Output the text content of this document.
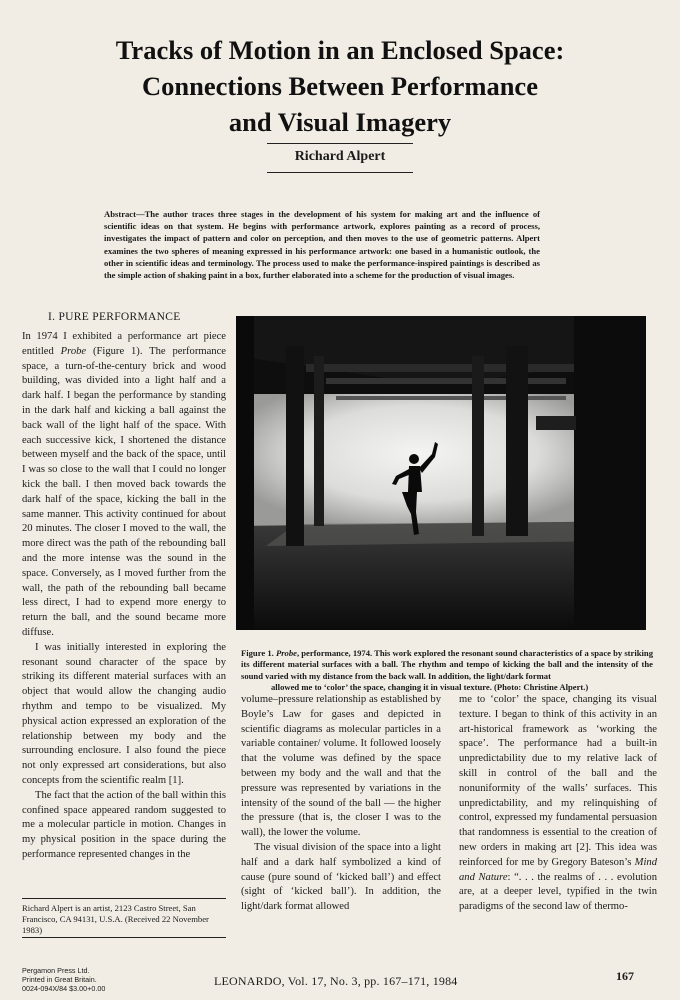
Tracks of Motion in an Enclosed Space:
Connections Between Performance
and Visual Imagery

Richard Alpert

Abstract—The author traces three stages in the development of his system for making art and the influence of scientific ideas on that system. He begins with performance artwork, explores painting as a record of process, investigates the impact of pattern and color on perception, and then moves to the use of geometric patterns. Alpert examines the two spheres of meaning expressed in his performance artwork: one based in a humanistic outlook, the other in scientific ideas and terminology. The process used to make the performance-inspired paintings is described as the simple action of shaking paint in a box, further elaborated into a scheme for the production of visual images.

I. PURE PERFORMANCE

In 1974 I exhibited a performance art piece entitled Probe (Figure 1). The performance space, a turn-of-the-century brick and wood building, was divided into a light half and a dark half. I began the performance by standing in the dark half and kicking a ball against the back wall of the light half of the space. With each successive kick, I shortened the distance between myself and the back of the space, until I was so close to the wall that I could no longer kick the ball. I then moved back towards the dark half of the space, kicking the ball in the same manner. This activity continued for about 20 minutes. The closer I moved to the wall, the more direct was the path of the rebounding ball and the more intense was the sound in the space. Conversely, as I moved further from the wall, the path of the rebounding ball became less direct, I had to expend more energy to return the ball, and the sound became more diffuse.

I was initially interested in exploring the resonant sound character of the space by striking its different material surfaces with an object that would allow the changing audio rhythm and tempo to be visualized. My physical action expressed an exploration of the relationship between my body and the surrounding enclosure. I also found the piece not only expressed art considerations, but also concepts from the scientific realm [1].

The fact that the action of the ball within this confined space appeared random suggested to me a molecular particle in motion. Changes in my physical position in the space during the performance represented changes in the

Figure 1. Probe, performance, 1974. This work explored the resonant sound characteristics of a space by striking its different material surfaces with a ball. The rhythm and tempo of kicking the ball and the intensity of the sound varied with my distance from the back wall. In addition, the light/dark format
allowed me to ‘color’ the space, changing it in visual texture. (Photo: Christine Alpert.)

volume–pressure relationship as established by Boyle’s Law for gases and depicted in scientific diagrams as molecular particles in a variable container/ volume. It followed loosely that the volume was defined by the space between my body and the wall and that the pressure was represented by variations in the intensity of the sound of the ball — the higher the pressure (that is, the closer I was to the wall), the lower the volume.

The visual division of the space into a light half and a dark half symbolized a kind of cause (pure sound of ‘kicked ball’) and effect (sight of ‘kicked ball’). In addition, the light/dark format allowed

me to ‘color’ the space, changing its visual texture. I began to think of this activity in an art-historical framework as ‘working the space’. The performance had a built-in unpredictability due to my relative lack of skill in control of the ball and the nonuniformity of the walls’ surfaces. This unpredictability, and my relinquishing of control, expressed my fundamental persuasion that randomness is essential to the creation of new orders in making art [2]. This idea was reinforced for me by Gregory Bateson’s Mind and Nature: “. . . the realms of . . . evolution are, at a deeper level, typified in the twin paradigms of the second law of thermo-

Richard Alpert is an artist, 2123 Castro Street, San Francisco, CA 94131, U.S.A. (Received 22 November 1983)

Pergamon Press Ltd.
Printed in Great Britain.
0024-094X/84 $3.00+0.00

LEONARDO, Vol. 17, No. 3, pp. 167–171, 1984	167
